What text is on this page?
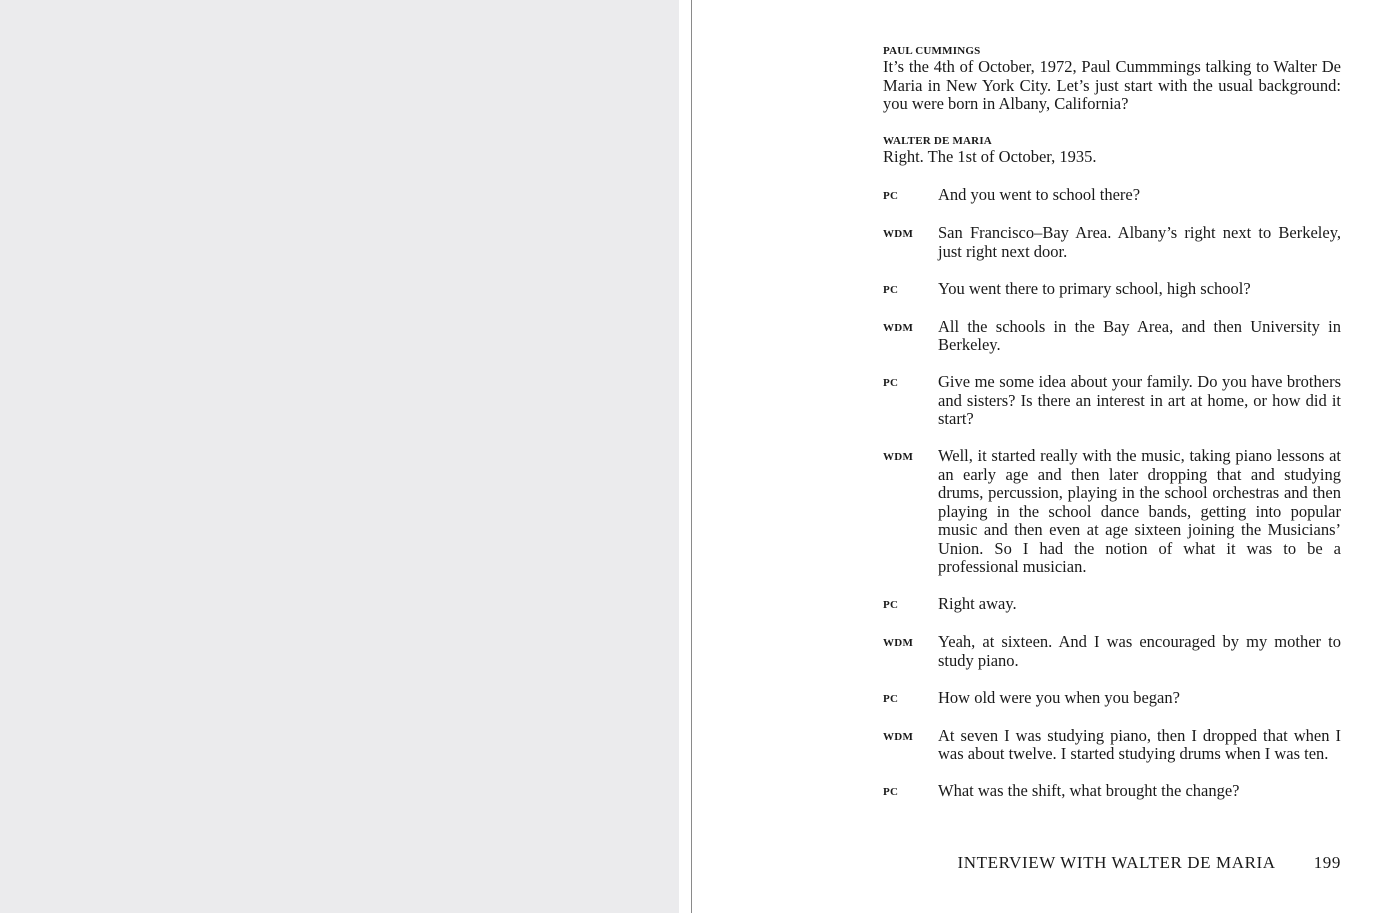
PAUL CUMMINGS

It’s the 4th of October, 1972, Paul Cummmings talking to Walter De Maria in New York City. Let’s just start with the usual background: you were born in Albany, California?

WALTER DE MARIA

Right. The 1st of October, 1935.

PC	And you went to school there?
WDM	San Francisco–Bay Area. Albany’s right next to Berkeley, just right next door.
PC	You went there to primary school, high school?
WDM	All the schools in the Bay Area, and then University in Berkeley.
PC	Give me some idea about your family. Do you have brothers and sisters? Is there an interest in art at home, or how did it start?
WDM	Well, it started really with the music, taking piano lessons at an early age and then later dropping that and studying drums, percussion, playing in the school orchestras and then playing in the school dance bands, getting into popular music and then even at age sixteen joining the Musicians’ Union. So I had the notion of what it was to be a professional musician.
PC	Right away.
WDM	Yeah, at sixteen. And I was encouraged by my mother to study piano.
PC	How old were you when you began?
WDM	At seven I was studying piano, then I dropped that when I was about twelve. I started studying drums when I was ten.
PC	What was the shift, what brought the change?
INTERVIEW WITH WALTER DE MARIA 199
